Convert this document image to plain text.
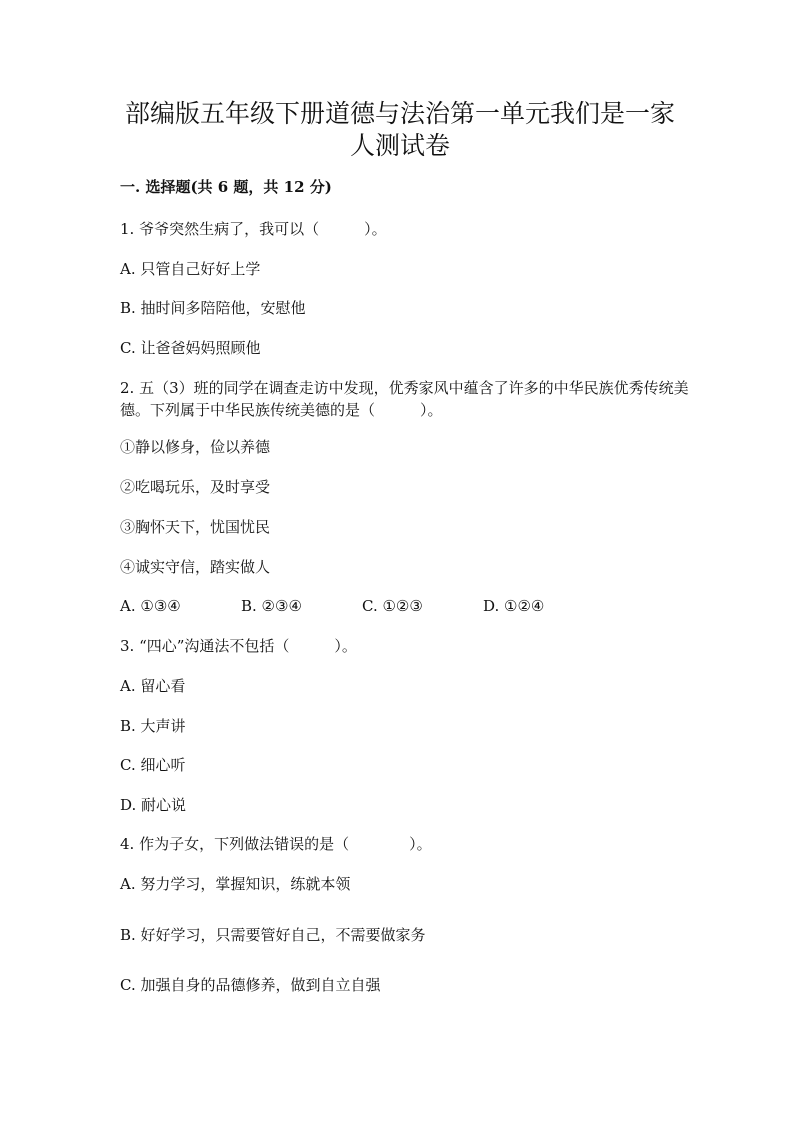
部编版五年级下册道德与法治第一单元我们是一家
人测试卷

一. 选择题(共 6 题，共 12 分)

1. 爷爷突然生病了，我可以（　　　）。

A. 只管自己好好上学

B. 抽时间多陪陪他，安慰他

C. 让爸爸妈妈照顾他

2. 五（3）班的同学在调查走访中发现，优秀家风中蕴含了许多的中华民族优秀传统美德。下列属于中华民族传统美德的是（　　　）。

①静以修身，俭以养德

②吃喝玩乐，及时享受

③胸怀天下，忧国忧民

④诚实守信，踏实做人

A. ①③④	B. ②③④	C. ①②③	D. ①②④

3. “四心”沟通法不包括（　　　）。

A. 留心看

B. 大声讲

C. 细心听

D. 耐心说

4. 作为子女，下列做法错误的是（　　　　）。

A. 努力学习，掌握知识，练就本领

B. 好好学习，只需要管好自己，不需要做家务

C. 加强自身的品德修养，做到自立自强
